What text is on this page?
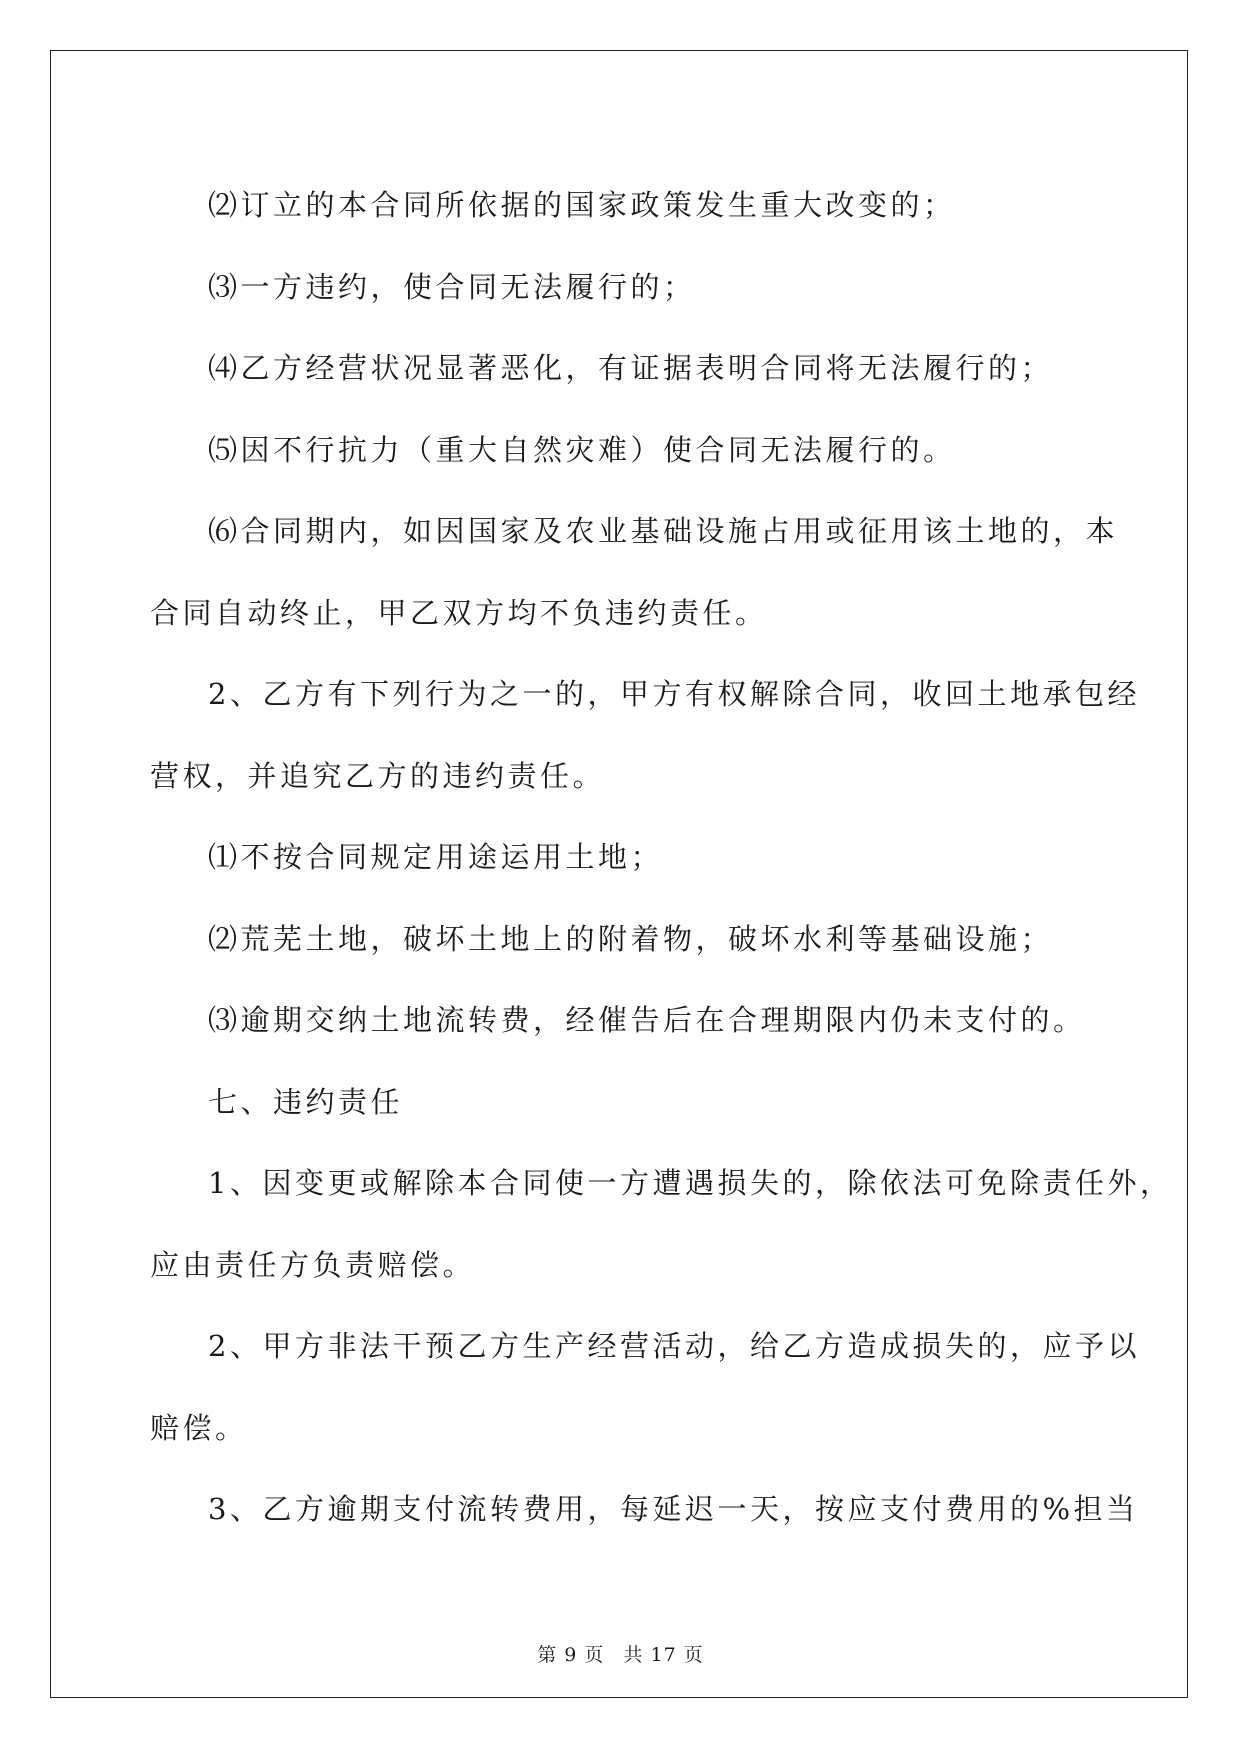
⑵订立的本合同所依据的国家政策发生重大改变的；

⑶一方违约，使合同无法履行的；

⑷乙方经营状况显著恶化，有证据表明合同将无法履行的；

⑸因不行抗力（重大自然灾难）使合同无法履行的。

⑹合同期内，如因国家及农业基础设施占用或征用该土地的，本

合同自动终止，甲乙双方均不负违约责任。

2、乙方有下列行为之一的，甲方有权解除合同，收回土地承包经

营权，并追究乙方的违约责任。

⑴不按合同规定用途运用土地；

⑵荒芜土地，破坏土地上的附着物，破坏水利等基础设施；

⑶逾期交纳土地流转费，经催告后在合理期限内仍未支付的。

七、违约责任

1、因变更或解除本合同使一方遭遇损失的，除依法可免除责任外，

应由责任方负责赔偿。

2、甲方非法干预乙方生产经营活动，给乙方造成损失的，应予以

赔偿。

3、乙方逾期支付流转费用，每延迟一天，按应支付费用的%担当

第 9 页 共 17 页
